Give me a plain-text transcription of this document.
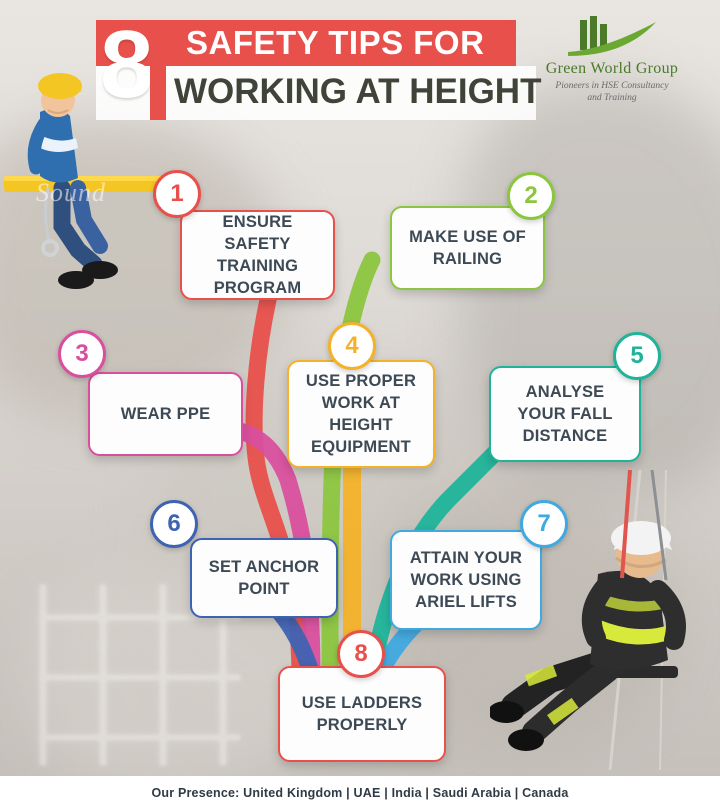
8 SAFETY TIPS FOR
WORKING AT HEIGHT
Green World Group
Pioneers in HSE Consultancy
and Training
Sound	1
ENSURE SAFETY TRAINING PROGRAM
2
MAKE USE OF RAILING
3
WEAR PPE
4
USE PROPER WORK AT HEIGHT EQUIPMENT
5
ANALYSE YOUR FALL DISTANCE
6
SET ANCHOR POINT
7
ATTAIN YOUR WORK USING ARIEL LIFTS
8
USE LADDERS PROPERLY
Our Presence: United Kingdom | UAE | India | Saudi Arabia | Canada
